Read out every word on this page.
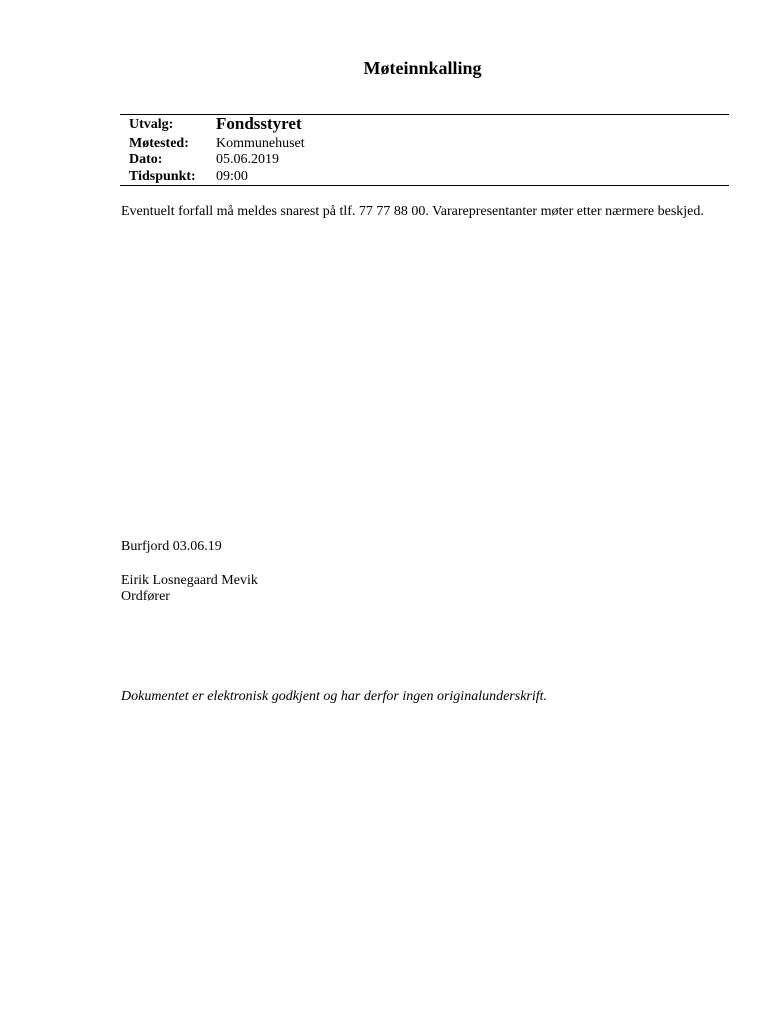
Møteinnkalling
Utvalg:	Fondsstyret
Møtested: Kommunehuset
Dato:	05.06.2019
Tidspunkt: 09:00
Eventuelt forfall må meldes snarest på tlf. 77 77 88 00. Vararepresentanter møter etter nærmere beskjed.
Burfjord 03.06.19
Eirik Losnegaard Mevik
Ordfører
Dokumentet er elektronisk godkjent og har derfor ingen originalunderskrift.
